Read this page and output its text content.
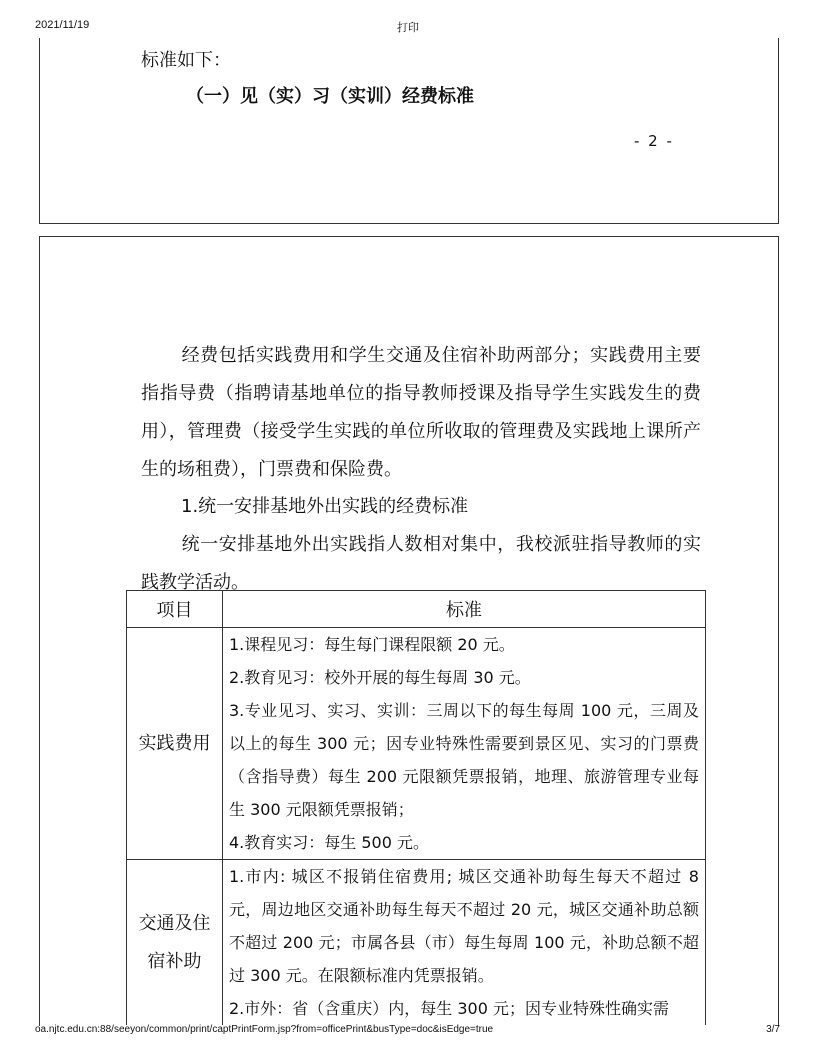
2021/11/19	打印
标准如下：
（一）见（实）习（实训）经费标准
- 2 -

经费包括实践费用和学生交通及住宿补助两部分；实践费用主要指指导费（指聘请基地单位的指导教师授课及指导学生实践发生的费用），管理费（接受学生实践的单位所收取的管理费及实践地上课所产生的场租费），门票费和保险费。

1.统一安排基地外出实践的经费标准

统一安排基地外出实践指人数相对集中，我校派驻指导教师的实践教学活动。

项目	标准
实践费用	1.课程见习：每生每门课程限额 20 元。
2.教育见习：校外开展的每生每周 30 元。
3.专业见习、实习、实训：三周以下的每生每周 100 元，三周及以上的每生 300 元；因专业特殊性需要到景区见、实习的门票费（含指导费）每生 200 元限额凭票报销，地理、旅游管理专业每生 300 元限额凭票报销；
4.教育实习：每生 500 元。

交通及住宿补助	1.市内: 城区不报销住宿费用; 城区交通补助每生每天不超过 8 元，周边地区交通补助每生每天不超过 20 元，城区交通补助总额不超过 200 元；市属各县（市）每生每周 100 元，补助总额不超过 300 元。在限额标准内凭票报销。
2.市外：省（含重庆）内，每生 300 元；因专业特殊性确实需
oa.njtc.edu.cn:88/seeyon/common/print/captPrintForm.jsp?from=officePrint&busType=doc&isEdge=true	3/7
